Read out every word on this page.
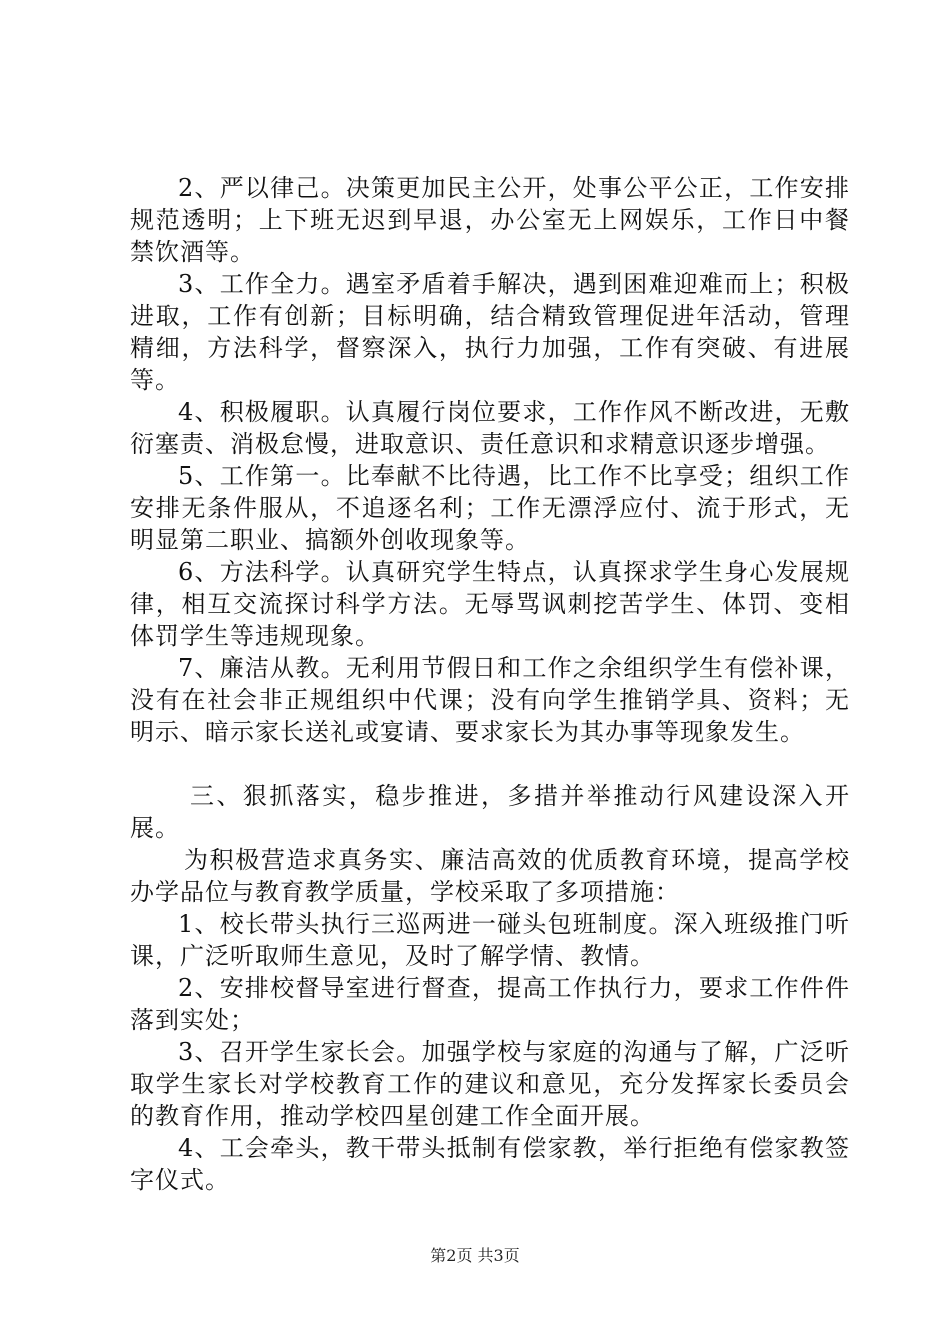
2、严以律己。决策更加民主公开，处事公平公正，工作安排规范透明；上下班无迟到早退，办公室无上网娱乐，工作日中餐禁饮酒等。

3、工作全力。遇室矛盾着手解决，遇到困难迎难而上；积极进取，工作有创新；目标明确，结合精致管理促进年活动，管理精细，方法科学，督察深入，执行力加强，工作有突破、有进展等。

4、积极履职。认真履行岗位要求，工作作风不断改进，无敷衍塞责、消极怠慢，进取意识、责任意识和求精意识逐步增强。

5、工作第一。比奉献不比待遇，比工作不比享受；组织工作安排无条件服从，不追逐名利；工作无漂浮应付、流于形式，无明显第二职业、搞额外创收现象等。

6、方法科学。认真研究学生特点，认真探求学生身心发展规律，相互交流探讨科学方法。无辱骂讽刺挖苦学生、体罚、变相体罚学生等违规现象。

7、廉洁从教。无利用节假日和工作之余组织学生有偿补课，没有在社会非正规组织中代课；没有向学生推销学具、资料；无明示、暗示家长送礼或宴请、要求家长为其办事等现象发生。

三、狠抓落实，稳步推进，多措并举推动行风建设深入开展。

为积极营造求真务实、廉洁高效的优质教育环境，提高学校办学品位与教育教学质量，学校采取了多项措施：

1、校长带头执行三巡两进一碰头包班制度。深入班级推门听课，广泛听取师生意见，及时了解学情、教情。

2、安排校督导室进行督查，提高工作执行力，要求工作件件落到实处；

3、召开学生家长会。加强学校与家庭的沟通与了解，广泛听取学生家长对学校教育工作的建议和意见，充分发挥家长委员会的教育作用，推动学校四星创建工作全面开展。

4、工会牵头，教干带头抵制有偿家教，举行拒绝有偿家教签字仪式。

第2页 共3页
